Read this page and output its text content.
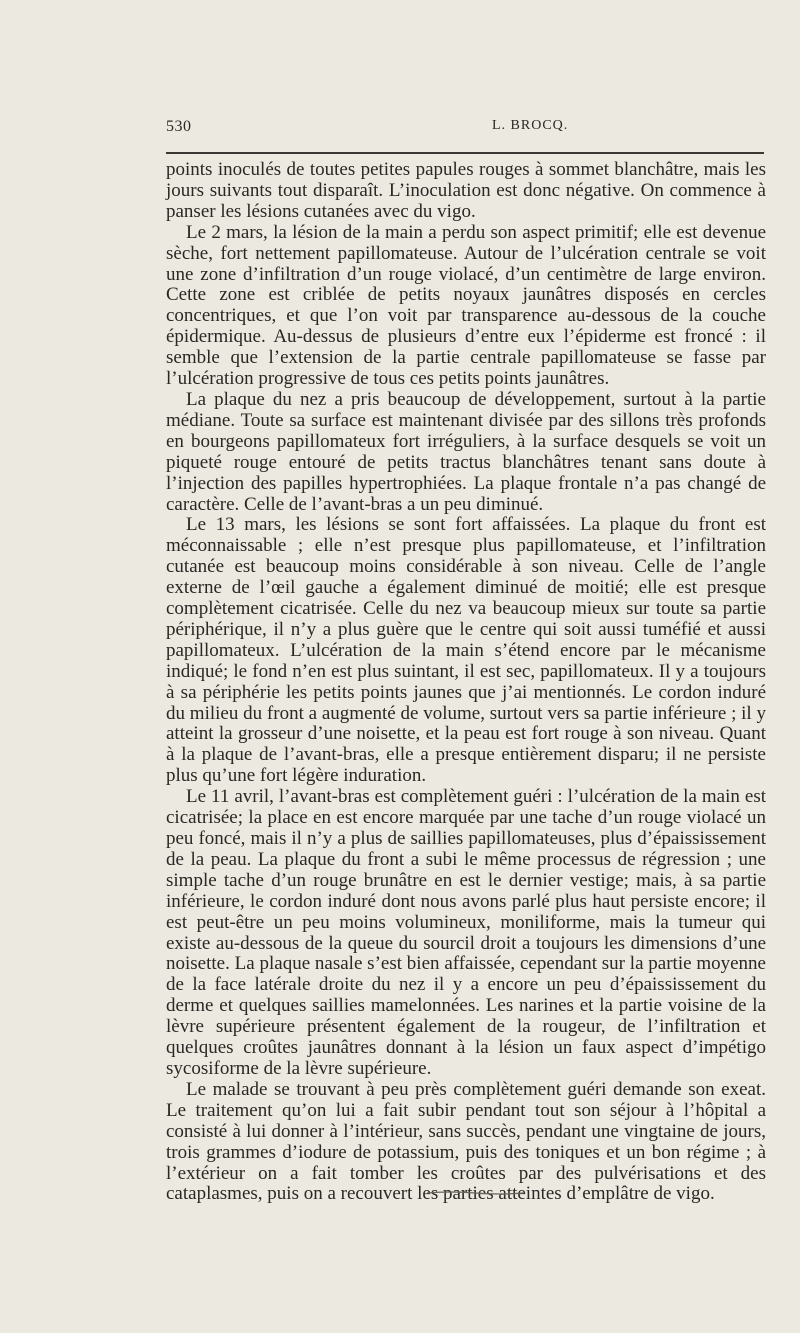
530	L. BROCQ.

points inoculés de toutes petites papules rouges à sommet blanchâtre, mais les jours suivants tout disparaît. L’inoculation est donc négative. On commence à panser les lésions cutanées avec du vigo.

Le 2 mars, la lésion de la main a perdu son aspect primitif; elle est devenue sèche, fort nettement papillomateuse. Autour de l’ulcération centrale se voit une zone d’infiltration d’un rouge violacé, d’un centimètre de large environ. Cette zone est criblée de petits noyaux jaunâtres disposés en cercles concentriques, et que l’on voit par transparence au-dessous de la couche épidermique. Au-dessus de plusieurs d’entre eux l’épiderme est froncé : il semble que l’extension de la partie centrale papillomateuse se fasse par l’ulcération progressive de tous ces petits points jaunâtres.

La plaque du nez a pris beaucoup de développement, surtout à la partie médiane. Toute sa surface est maintenant divisée par des sillons très profonds en bourgeons papillomateux fort irréguliers, à la surface desquels se voit un piqueté rouge entouré de petits tractus blanchâtres tenant sans doute à l’injection des papilles hypertrophiées. La plaque frontale n’a pas changé de caractère. Celle de l’avant-bras a un peu diminué.

Le 13 mars, les lésions se sont fort affaissées. La plaque du front est méconnaissable ; elle n’est presque plus papillomateuse, et l’infiltration cutanée est beaucoup moins considérable à son niveau. Celle de l’angle externe de l’œil gauche a également diminué de moitié; elle est presque complètement cicatrisée. Celle du nez va beaucoup mieux sur toute sa partie périphérique, il n’y a plus guère que le centre qui soit aussi tuméfié et aussi papillomateux. L’ulcération de la main s’étend encore par le mécanisme indiqué; le fond n’en est plus suintant, il est sec, papillomateux. Il y a toujours à sa périphérie les petits points jaunes que j’ai mentionnés. Le cordon induré du milieu du front a augmenté de volume, surtout vers sa partie inférieure ; il y atteint la grosseur d’une noisette, et la peau est fort rouge à son niveau. Quant à la plaque de l’avant-bras, elle a presque entièrement disparu; il ne persiste plus qu’une fort légère induration.

Le 11 avril, l’avant-bras est complètement guéri : l’ulcération de la main est cicatrisée; la place en est encore marquée par une tache d’un rouge violacé un peu foncé, mais il n’y a plus de saillies papillomateuses, plus d’épaississement de la peau. La plaque du front a subi le même processus de régression ; une simple tache d’un rouge brunâtre en est le dernier vestige; mais, à sa partie inférieure, le cordon induré dont nous avons parlé plus haut persiste encore; il est peut-être un peu moins volumineux, moniliforme, mais la tumeur qui existe au-dessous de la queue du sourcil droit a toujours les dimensions d’une noisette. La plaque nasale s’est bien affaissée, cependant sur la partie moyenne de la face latérale droite du nez il y a encore un peu d’épaississement du derme et quelques saillies mamelonnées. Les narines et la partie voisine de la lèvre supérieure présentent également de la rougeur, de l’infiltration et quelques croûtes jaunâtres donnant à la lésion un faux aspect d’impétigo sycosiforme de la lèvre supérieure.

Le malade se trouvant à peu près complètement guéri demande son exeat. Le traitement qu’on lui a fait subir pendant tout son séjour à l’hôpital a consisté à lui donner à l’intérieur, sans succès, pendant une vingtaine de jours, trois grammes d’iodure de potassium, puis des toniques et un bon régime ; à l’extérieur on a fait tomber les croûtes par des pulvérisations et des cataplasmes, puis on a recouvert les parties atteintes d’emplâtre de vigo.
